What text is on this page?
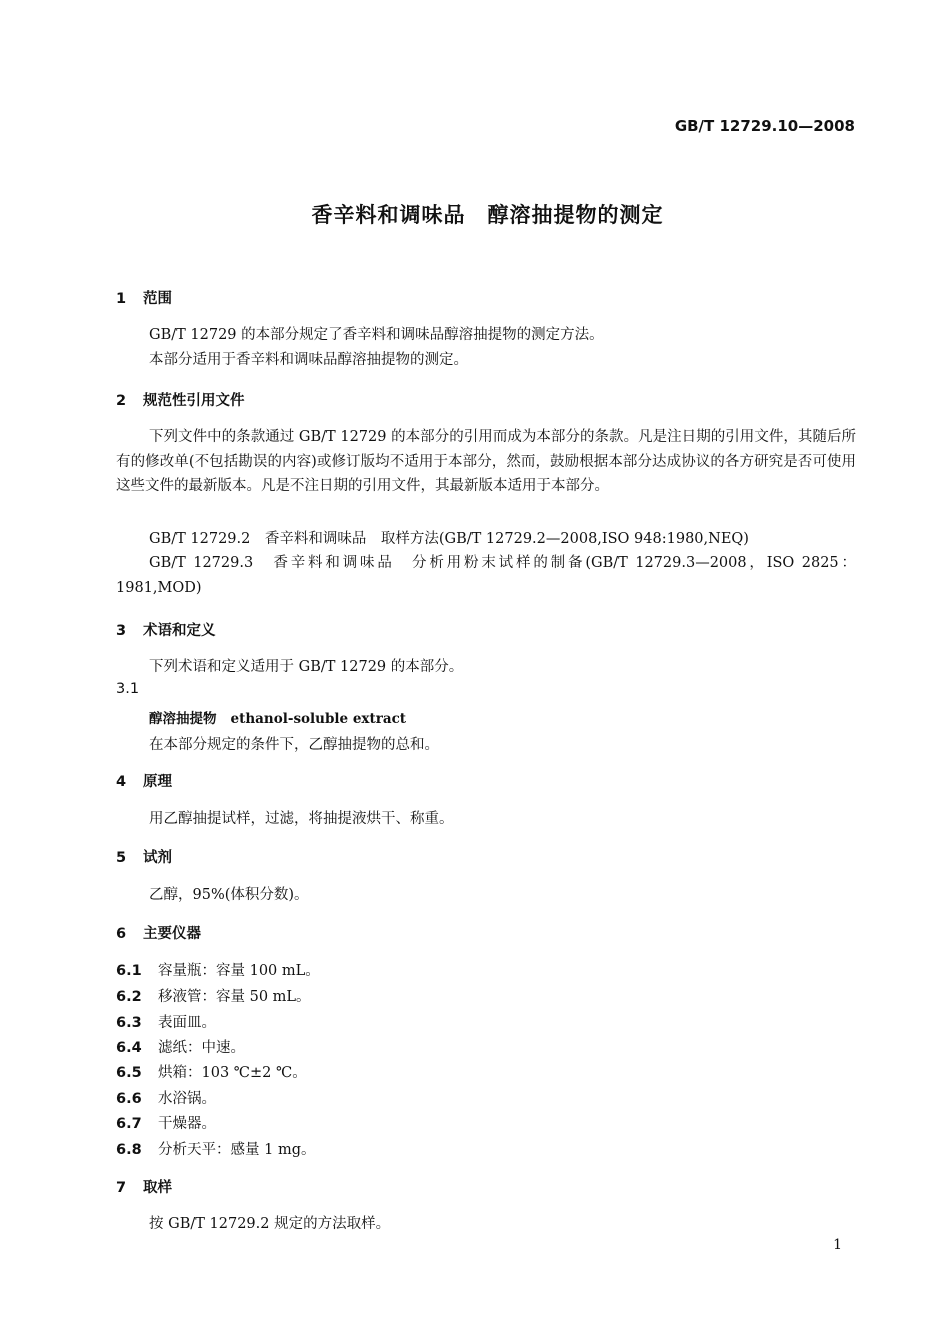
GB/T 12729.10—2008
香辛料和调味品　醇溶抽提物的测定
1 范围
GB/T 12729 的本部分规定了香辛料和调味品醇溶抽提物的测定方法。
本部分适用于香辛料和调味品醇溶抽提物的测定。
2 规范性引用文件
下列文件中的条款通过 GB/T 12729 的本部分的引用而成为本部分的条款。凡是注日期的引用文件，其随后所有的修改单(不包括勘误的内容)或修订版均不适用于本部分，然而，鼓励根据本部分达成协议的各方研究是否可使用这些文件的最新版本。凡是不注日期的引用文件，其最新版本适用于本部分。
GB/T 12729.2　香辛料和调味品　取样方法(GB/T 12729.2—2008,ISO 948:1980,NEQ)
GB/T 12729.3　香辛料和调味品　分析用粉末试样的制备(GB/T 12729.3—2008，ISO 2825：1981,MOD)
3 术语和定义
下列术语和定义适用于 GB/T 12729 的本部分。
3.1
醇溶抽提物 ethanol-soluble extract
在本部分规定的条件下，乙醇抽提物的总和。
4 原理
用乙醇抽提试样，过滤，将抽提液烘干、称重。
5 试剂
乙醇，95%(体积分数)。
6 主要仪器
6.1 容量瓶：容量 100 mL。
6.2 移液管：容量 50 mL。
6.3 表面皿。
6.4 滤纸：中速。
6.5 烘箱：103 ℃±2 ℃。
6.6 水浴锅。
6.7 干燥器。
6.8 分析天平：感量 1 mg。
7 取样
按 GB/T 12729.2 规定的方法取样。
1
